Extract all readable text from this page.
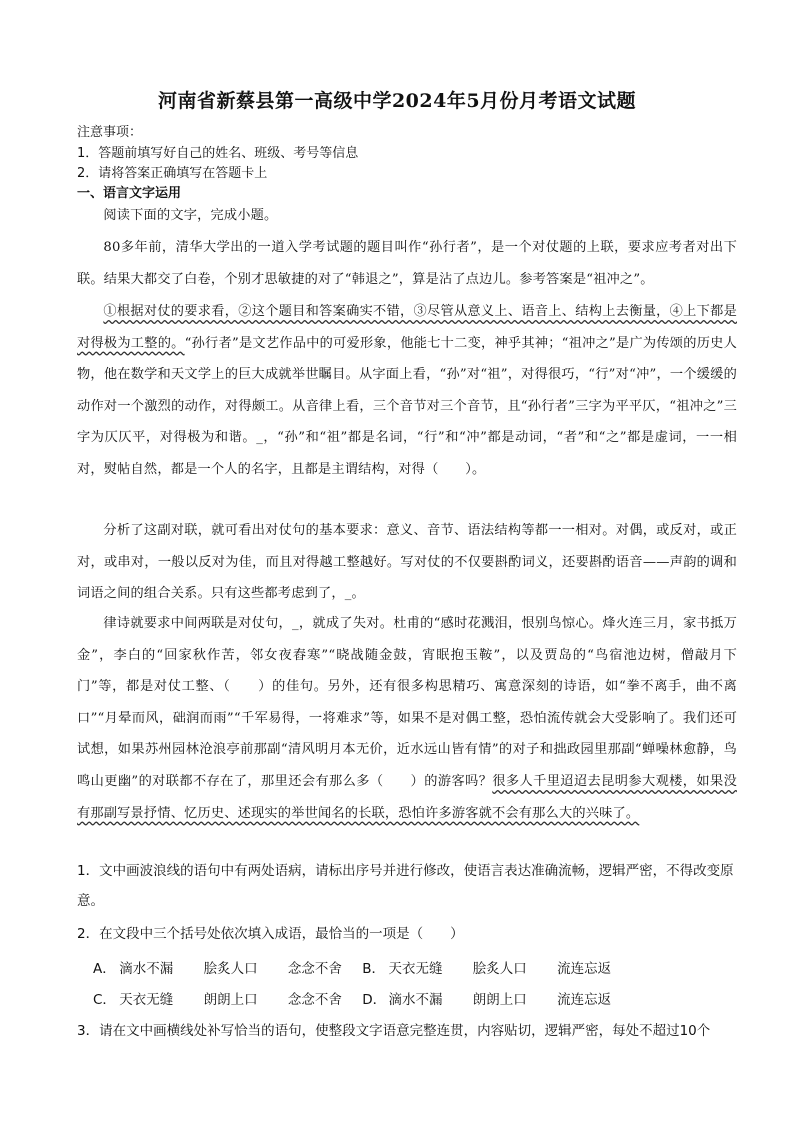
河南省新蔡县第一高级中学2024年5月份月考语文试题
注意事项：
1．答题前填写好自己的姓名、班级、考号等信息
2．请将答案正确填写在答题卡上
一、语言文字运用
阅读下面的文字，完成小题。
80多年前，清华大学出的一道入学考试题的题目叫作“孙行者”，是一个对仗题的上联，要求应考者对出下联。结果大都交了白卷，个别才思敏捷的对了“韩退之”，算是沾了点边儿。参考答案是“祖冲之”。
①根据对仗的要求看，②这个题目和答案确实不错，③尽管从意义上、语音上、结构上去衡量，④上下都是对得极为工整的。“孙行者”是文艺作品中的可爱形象，他能七十二变，神乎其神；“祖冲之”是广为传颂的历史人物，他在数学和天文学上的巨大成就举世瞩目。从字面上看，“孙”对“祖”，对得很巧，“行”对“冲”，一个缓缓的动作对一个激烈的动作，对得颇工。从音律上看，三个音节对三个音节，且“孙行者”三字为平平仄，“祖冲之”三字为仄仄平，对得极为和谐。_，“孙”和“祖”都是名词，“行”和“冲”都是动词，“者”和“之”都是虚词，一一相对，熨帖自然，都是一个人的名字，且都是主谓结构，对得（　　）。
分析了这副对联，就可看出对仗句的基本要求：意义、音节、语法结构等都一一相对。对偶，或反对，或正对，或串对，一般以反对为佳，而且对得越工整越好。写对仗的不仅要斟酌词义，还要斟酌语音——声韵的调和词语之间的组合关系。只有这些都考虑到了，_。
律诗就要求中间两联是对仗句，_，就成了失对。杜甫的“感时花溅泪，恨别鸟惊心。烽火连三月，家书抵万金”，李白的“回家秋作苦，邻女夜舂寒”“晓战随金鼓，宵眠抱玉鞍”，以及贾岛的“鸟宿池边树，僧敲月下门”等，都是对仗工整、（　　）的佳句。另外，还有很多构思精巧、寓意深刻的诗语，如“拳不离手，曲不离口”“月晕而风，础润而雨”“千军易得，一将难求”等，如果不是对偶工整，恐怕流传就会大受影响了。我们还可试想，如果苏州园林沧浪亭前那副“清风明月本无价，近水远山皆有情”的对子和拙政园里那副“蝉噪林愈静，鸟鸣山更幽”的对联都不存在了，那里还会有那么多（　　）的游客吗？很多人千里迢迢去昆明参大观楼，如果没有那副写景抒情、忆历史、述现实的举世闻名的长联，恐怕许多游客就不会有那么大的兴味了。
1．文中画波浪线的语句中有两处语病，请标出序号并进行修改，使语言表达准确流畅，逻辑严密，不得改变原意。
2．在文段中三个括号处依次填入成语，最恰当的一项是（　　）
A． 滴水不漏 脍炙人口 念念不舍 B． 天衣无缝 脍炙人口 流连忘返
C． 天衣无缝 朗朗上口 念念不舍 D． 滴水不漏 朗朗上口 流连忘返
3．请在文中画横线处补写恰当的语句，使整段文字语意完整连贯，内容贴切，逻辑严密，每处不超过10个
